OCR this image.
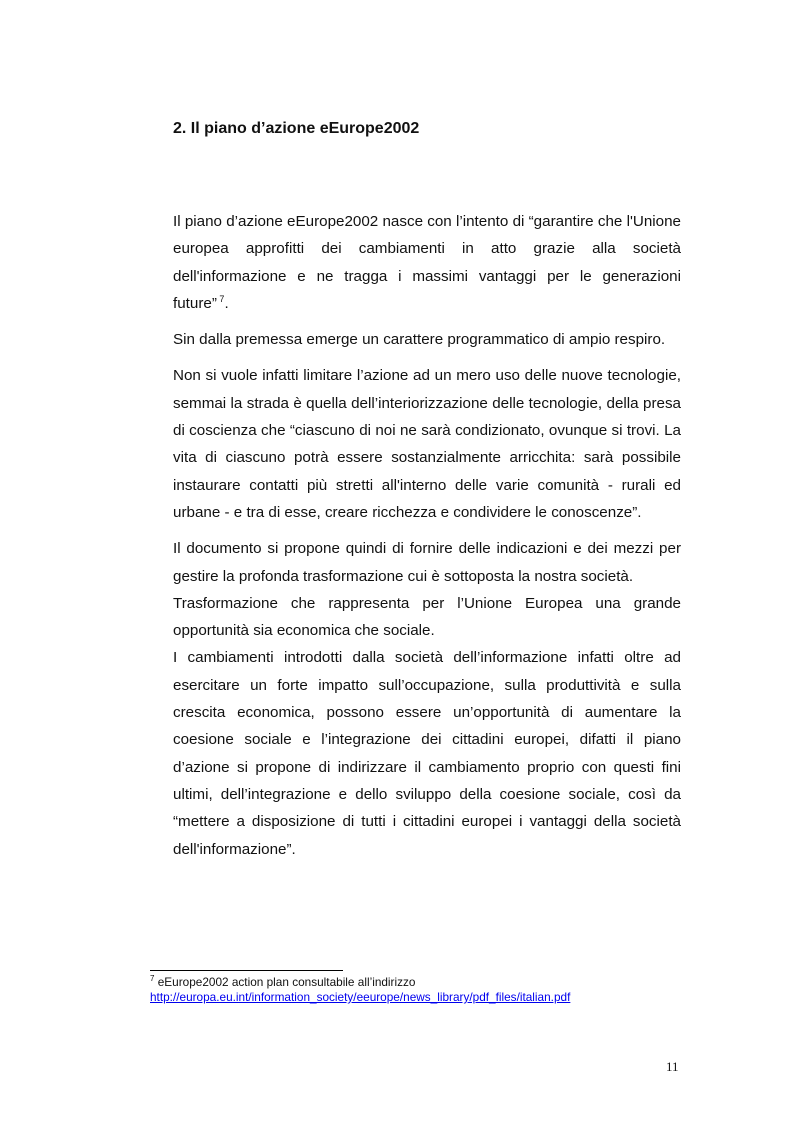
2. Il piano d’azione eEurope2002

Il piano d’azione eEurope2002 nasce con l’intento di “garantire che l'Unione europea approfitti dei cambiamenti in atto grazie alla società dell'informazione e ne tragga i massimi vantaggi per le generazioni future” $^7$.

Sin dalla premessa emerge un carattere programmatico di ampio respiro.

Non si vuole infatti limitare l’azione ad un mero uso delle nuove tecnologie, semmai la strada è quella dell’interiorizzazione delle tecnologie, della presa di coscienza che “ciascuno di noi ne sarà condizionato, ovunque si trovi. La vita di ciascuno potrà essere sostanzialmente arricchita: sarà possibile instaurare contatti più stretti all'interno delle varie comunità - rurali ed urbane - e tra di esse, creare ricchezza e condividere le conoscenze”.

Il documento si propone quindi di fornire delle indicazioni e dei mezzi per gestire la profonda trasformazione cui è sottoposta la nostra società.

Trasformazione che rappresenta per l’Unione Europea una grande opportunità sia economica che sociale.

I cambiamenti introdotti dalla società dell’informazione infatti oltre ad esercitare un forte impatto sull’occupazione, sulla produttività e sulla crescita economica, possono essere un’opportunità di aumentare la coesione sociale e l’integrazione dei cittadini europei, difatti il piano d’azione si propone di indirizzare il cambiamento proprio con questi fini ultimi, dell’integrazione e dello sviluppo della coesione sociale, così da “mettere a disposizione di tutti i cittadini europei i vantaggi della società dell'informazione”.

$^7$ eEurope2002 action plan consultabile all’indirizzo
http://europa.eu.int/information_society/eeurope/news_library/pdf_files/italian.pdf
11
